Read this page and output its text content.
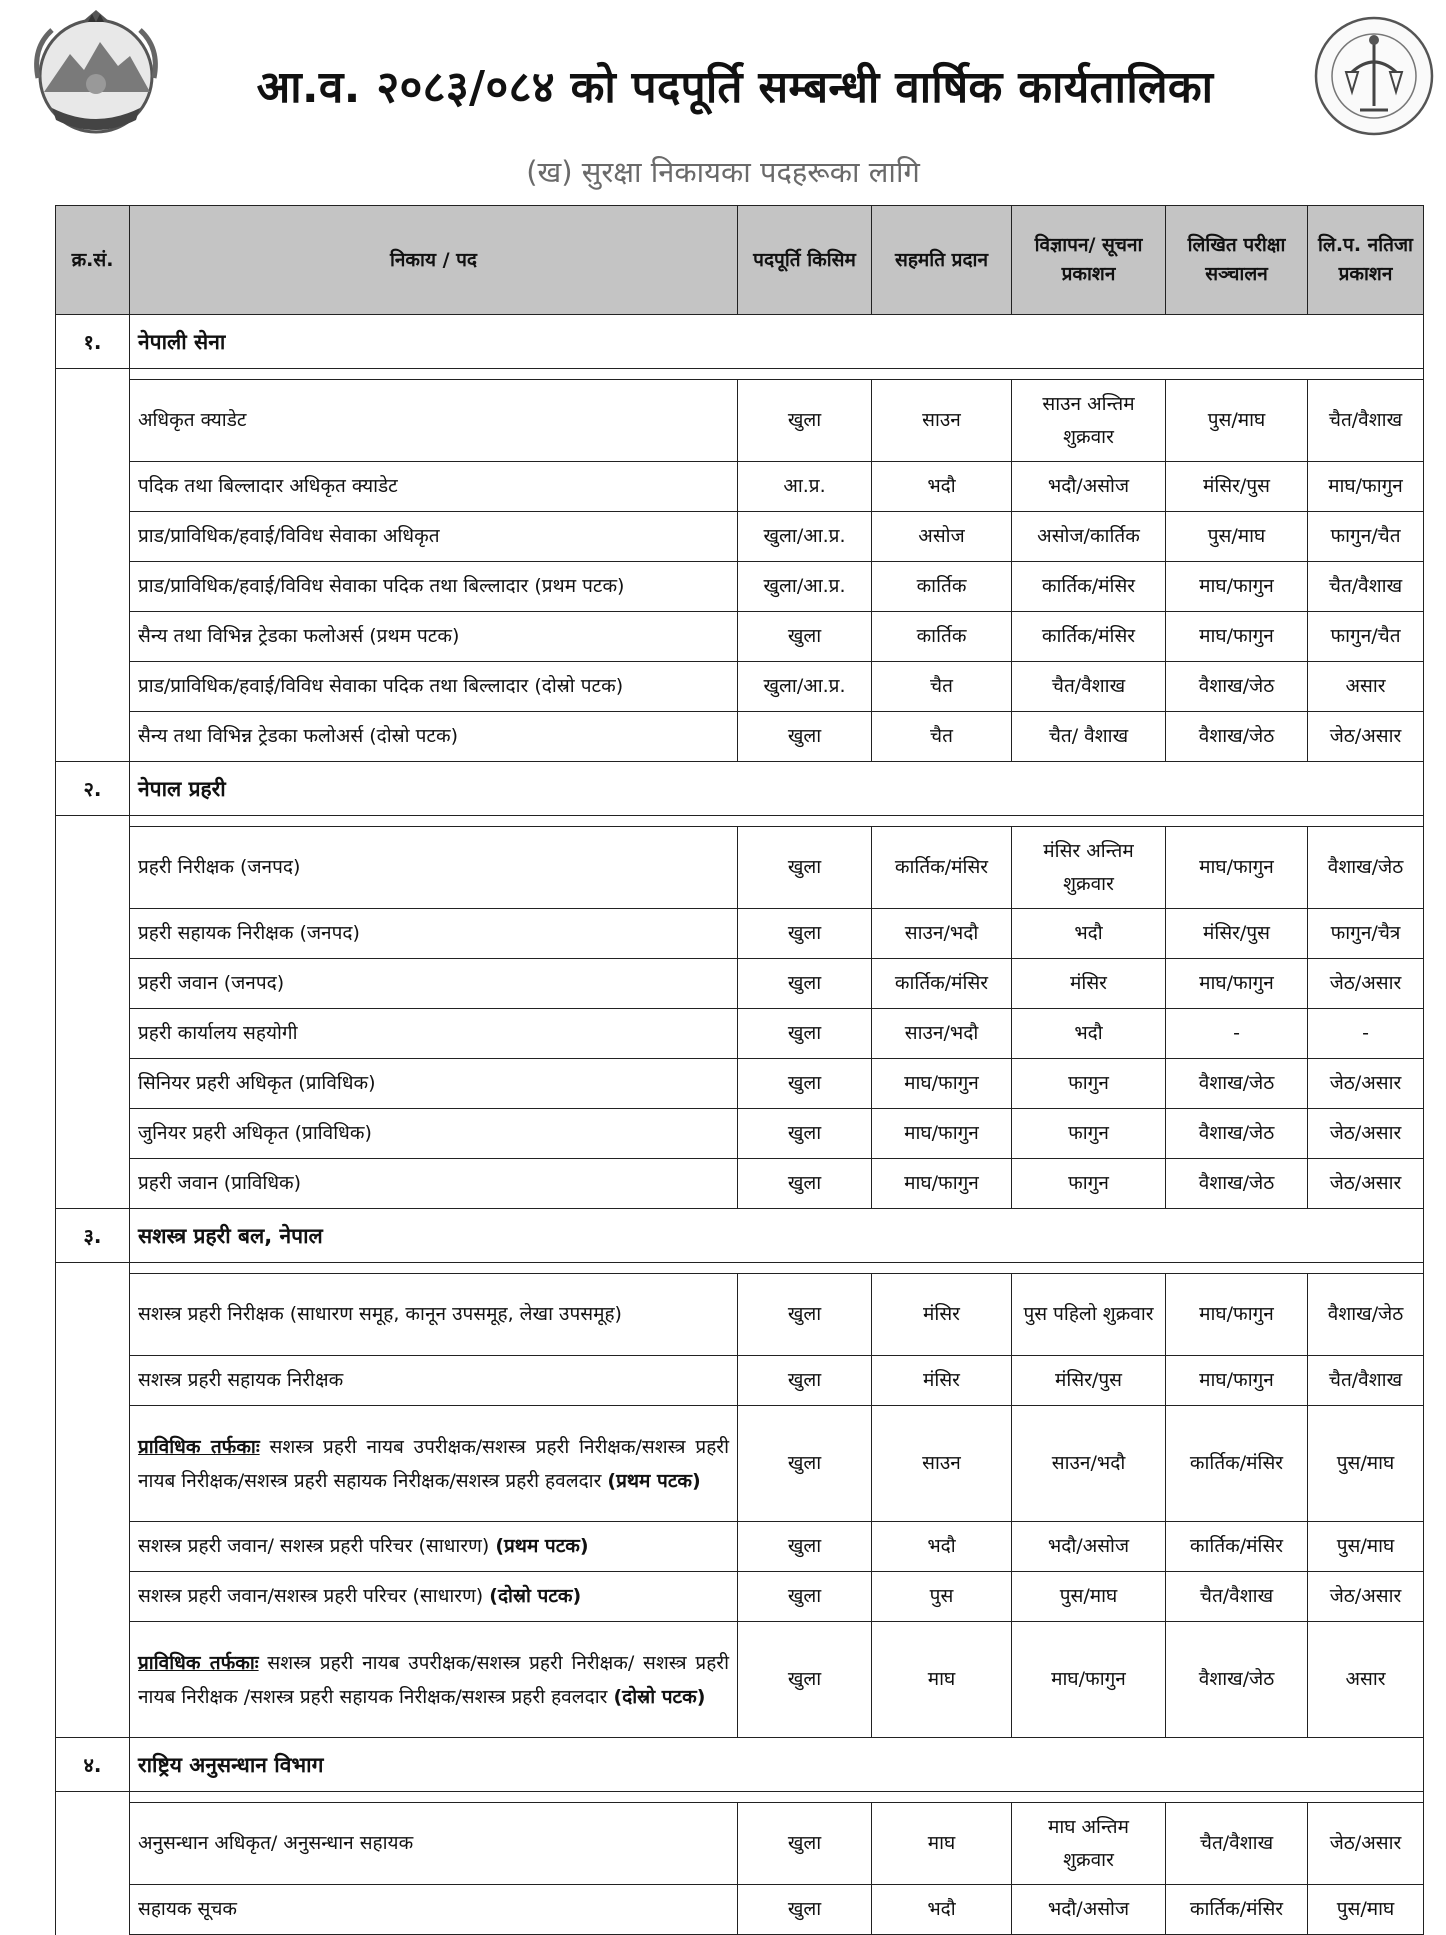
आ.व. २०८३/०८४ को पदपूर्ति सम्बन्धी वार्षिक कार्यतालिका
(ख) सुरक्षा निकायका पदहरूका लागि
क्र.सं.	निकाय / पद	पदपूर्ति किसिम	सहमति प्रदान	विज्ञापन/ सूचना प्रकाशन	लिखित परीक्षा सञ्चालन	लि.प. नतिजा प्रकाशन
१.	नेपाली सेना					

	अधिकृत क्याडेट	खुला	साउन	साउन अन्तिम शुक्रवार	पुस/माघ	चैत/वैशाख
	पदिक तथा बिल्लादार अधिकृत क्याडेट	आ.प्र.	भदौ	भदौ/असोज	मंसिर/पुस	माघ/फागुन
	प्राड/प्राविधिक/हवाई/विविध सेवाका अधिकृत	खुला/आ.प्र.	असोज	असोज/कार्तिक	पुस/माघ	फागुन/चैत
	प्राड/प्राविधिक/हवाई/विविध सेवाका पदिक तथा बिल्लादार (प्रथम पटक)	खुला/आ.प्र.	कार्तिक	कार्तिक/मंसिर	माघ/फागुन	चैत/वैशाख
	सैन्य तथा विभिन्न ट्रेडका फलोअर्स (प्रथम पटक)	खुला	कार्तिक	कार्तिक/मंसिर	माघ/फागुन	फागुन/चैत
	प्राड/प्राविधिक/हवाई/विविध सेवाका पदिक तथा बिल्लादार (दोस्रो पटक)	खुला/आ.प्र.	चैत	चैत/वैशाख	वैशाख/जेठ	असार
	सैन्य तथा विभिन्न ट्रेडका फलोअर्स (दोस्रो पटक)	खुला	चैत	चैत/ वैशाख	वैशाख/जेठ	जेठ/असार
२.	नेपाल प्रहरी					

	प्रहरी निरीक्षक (जनपद)	खुला	कार्तिक/मंसिर	मंसिर अन्तिम शुक्रवार	माघ/फागुन	वैशाख/जेठ
	प्रहरी सहायक निरीक्षक (जनपद)	खुला	साउन/भदौ	भदौ	मंसिर/पुस	फागुन/चैत्र
	प्रहरी जवान (जनपद)	खुला	कार्तिक/मंसिर	मंसिर	माघ/फागुन	जेठ/असार
	प्रहरी कार्यालय सहयोगी	खुला	साउन/भदौ	भदौ	-	-
	सिनियर प्रहरी अधिकृत (प्राविधिक)	खुला	माघ/फागुन	फागुन	वैशाख/जेठ	जेठ/असार
	जुनियर प्रहरी अधिकृत (प्राविधिक)	खुला	माघ/फागुन	फागुन	वैशाख/जेठ	जेठ/असार
	प्रहरी जवान (प्राविधिक)	खुला	माघ/फागुन	फागुन	वैशाख/जेठ	जेठ/असार
३.	सशस्त्र प्रहरी बल, नेपाल					

	सशस्त्र प्रहरी निरीक्षक (साधारण समूह, कानून उपसमूह, लेखा उपसमूह)	खुला	मंसिर	पुस पहिलो शुक्रवार	माघ/फागुन	वैशाख/जेठ
	सशस्त्र प्रहरी सहायक निरीक्षक	खुला	मंसिर	मंसिर/पुस	माघ/फागुन	चैत/वैशाख
	प्राविधिक तर्फकाः सशस्त्र प्रहरी नायब उपरीक्षक/सशस्त्र प्रहरी निरीक्षक/सशस्त्र प्रहरी नायब निरीक्षक/सशस्त्र प्रहरी सहायक निरीक्षक/सशस्त्र प्रहरी हवलदार (प्रथम पटक)	खुला	साउन	साउन/भदौ	कार्तिक/मंसिर	पुस/माघ
	सशस्त्र प्रहरी जवान/ सशस्त्र प्रहरी परिचर (साधारण) (प्रथम पटक)	खुला	भदौ	भदौ/असोज	कार्तिक/मंसिर	पुस/माघ
	सशस्त्र प्रहरी जवान/सशस्त्र प्रहरी परिचर (साधारण) (दोस्रो पटक)	खुला	पुस	पुस/माघ	चैत/वैशाख	जेठ/असार
	प्राविधिक तर्फकाः सशस्त्र प्रहरी नायब उपरीक्षक/सशस्त्र प्रहरी निरीक्षक/ सशस्त्र प्रहरी नायब निरीक्षक /सशस्त्र प्रहरी सहायक निरीक्षक/सशस्त्र प्रहरी हवलदार (दोस्रो पटक)	खुला	माघ	माघ/फागुन	वैशाख/जेठ	असार
४.	राष्ट्रिय अनुसन्धान विभाग					

	अनुसन्धान अधिकृत/ अनुसन्धान सहायक	खुला	माघ	माघ अन्तिम शुक्रवार	चैत/वैशाख	जेठ/असार
	सहायक सूचक	खुला	भदौ	भदौ/असोज	कार्तिक/मंसिर	पुस/माघ
